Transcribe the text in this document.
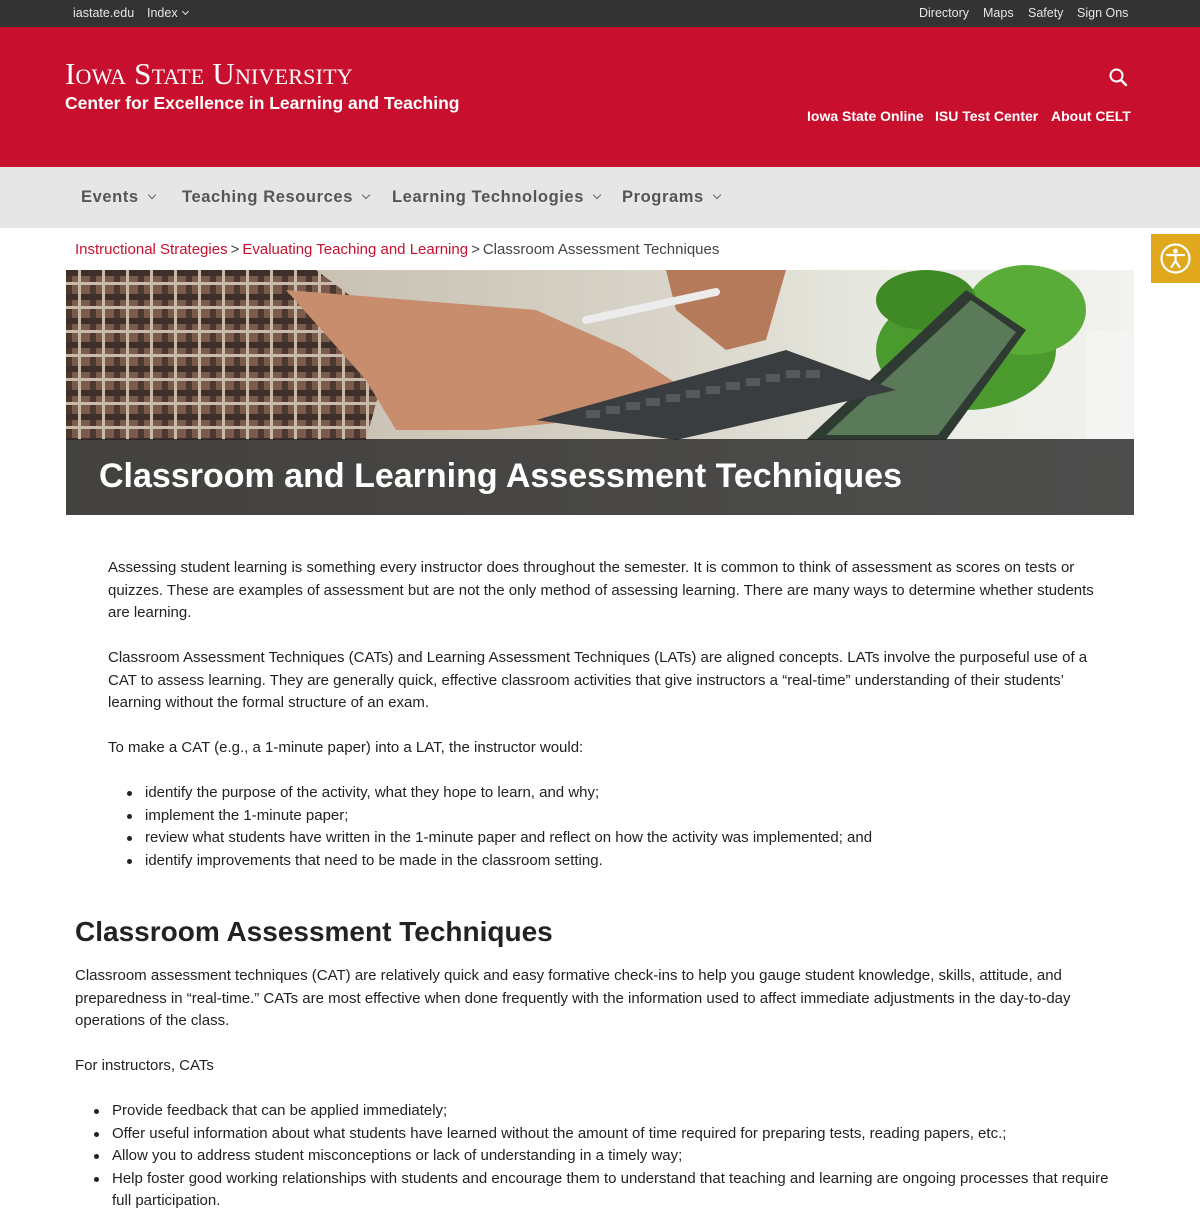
iastate.edu Index	Directory Maps Safety Sign Ons
Iowa State University
Center for Excellence in Learning and Teaching
Iowa State Online ISU Test Center About CELT
Events	Teaching Resources	Learning Technologies	Programs
Instructional Strategies > Evaluating Teaching and Learning > Classroom Assessment Techniques
Classroom and Learning Assessment Techniques

Assessing student learning is something every instructor does throughout the semester. It is common to think of assessment as scores on tests or quizzes. These are examples of assessment but are not the only method of assessing learning. There are many ways to determine whether students are learning.

Classroom Assessment Techniques (CATs) and Learning Assessment Techniques (LATs) are aligned concepts. LATs involve the purposeful use of a CAT to assess learning. They are generally quick, effective classroom activities that give instructors a “real-time” understanding of their students’ learning without the formal structure of an exam.

To make a CAT (e.g., a 1-minute paper) into a LAT, the instructor would:

identify the purpose of the activity, what they hope to learn, and why;
implement the 1-minute paper;
review what students have written in the 1-minute paper and reflect on how the activity was implemented; and
identify improvements that need to be made in the classroom setting.
Classroom Assessment Techniques

Classroom assessment techniques (CAT) are relatively quick and easy formative check-ins to help you gauge student knowledge, skills, attitude, and preparedness in “real-time.” CATs are most effective when done frequently with the information used to affect immediate adjustments in the day-to-day operations of the class.

For instructors, CATs

Provide feedback that can be applied immediately;
Offer useful information about what students have learned without the amount of time required for preparing tests, reading papers, etc.;
Allow you to address student misconceptions or lack of understanding in a timely way;
Help foster good working relationships with students and encourage them to understand that teaching and learning are ongoing processes that require full participation.
